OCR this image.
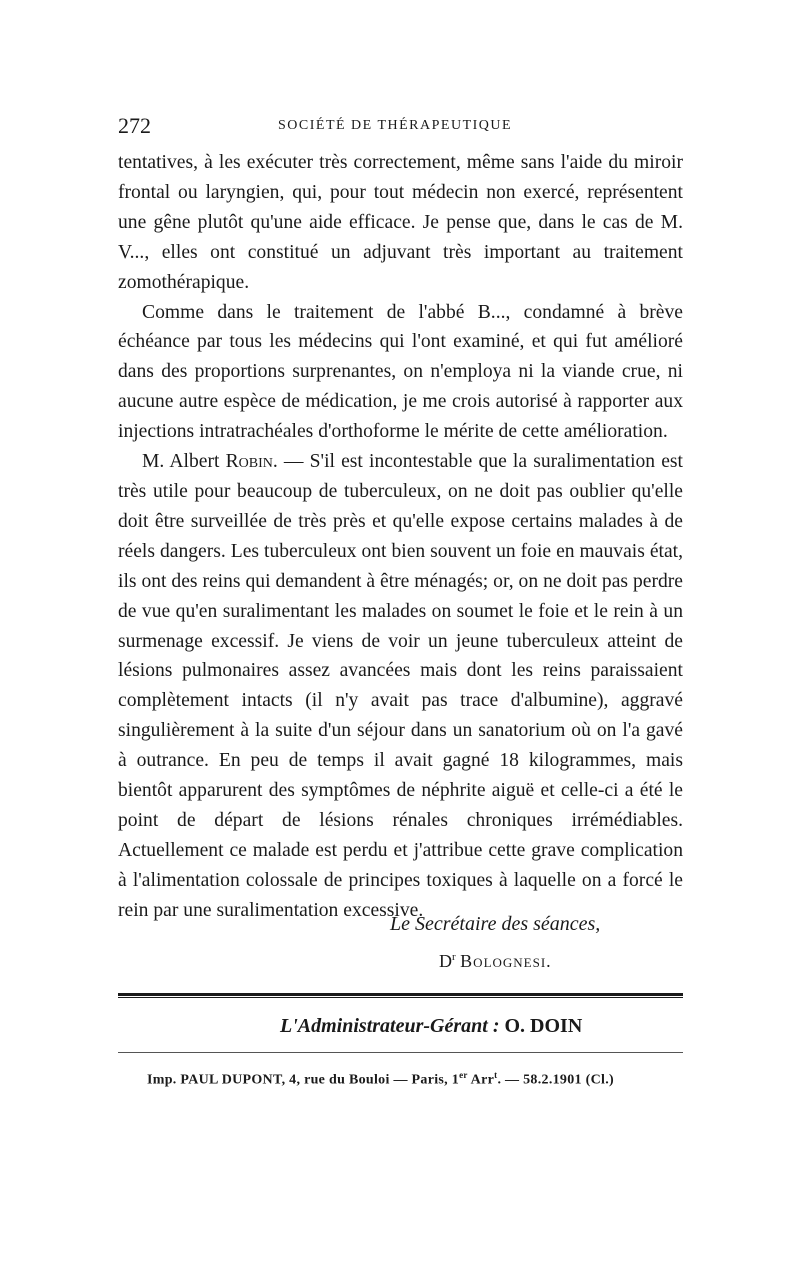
272	SOCIÉTÉ DE THÉRAPEUTIQUE

tentatives, à les exécuter très correctement, même sans l'aide du miroir frontal ou laryngien, qui, pour tout médecin non exercé, représentent une gêne plutôt qu'une aide efficace. Je pense que, dans le cas de M. V..., elles ont constitué un adjuvant très important au traitement zomothérapique.

Comme dans le traitement de l'abbé B..., condamné à brève échéance par tous les médecins qui l'ont examiné, et qui fut amélioré dans des proportions surprenantes, on n'employa ni la viande crue, ni aucune autre espèce de médication, je me crois autorisé à rapporter aux injections intratrachéales d'orthoforme le mérite de cette amélioration.

M. Albert Robin. — S'il est incontestable que la suralimentation est très utile pour beaucoup de tuberculeux, on ne doit pas oublier qu'elle doit être surveillée de très près et qu'elle expose certains malades à de réels dangers. Les tuberculeux ont bien souvent un foie en mauvais état, ils ont des reins qui demandent à être ménagés; or, on ne doit pas perdre de vue qu'en suralimentant les malades on soumet le foie et le rein à un surmenage excessif. Je viens de voir un jeune tuberculeux atteint de lésions pulmonaires assez avancées mais dont les reins paraissaient complètement intacts (il n'y avait pas trace d'albumine), aggravé singulièrement à la suite d'un séjour dans un sanatorium où on l'a gavé à outrance. En peu de temps il avait gagné 18 kilogrammes, mais bientôt apparurent des symptômes de néphrite aiguë et celle-ci a été le point de départ de lésions rénales chroniques irrémédiables. Actuellement ce malade est perdu et j'attribue cette grave complication à l'alimentation colossale de principes toxiques à laquelle on a forcé le rein par une suralimentation excessive.

Le Secrétaire des séances,
$D^r$ Bolognesi.
L'Administrateur-Gérant : O. DOIN
Imp. PAUL DUPONT, 4, rue du Bouloi — Paris, 1er Arr$^t$. — 58.2.1901 (Cl.)
